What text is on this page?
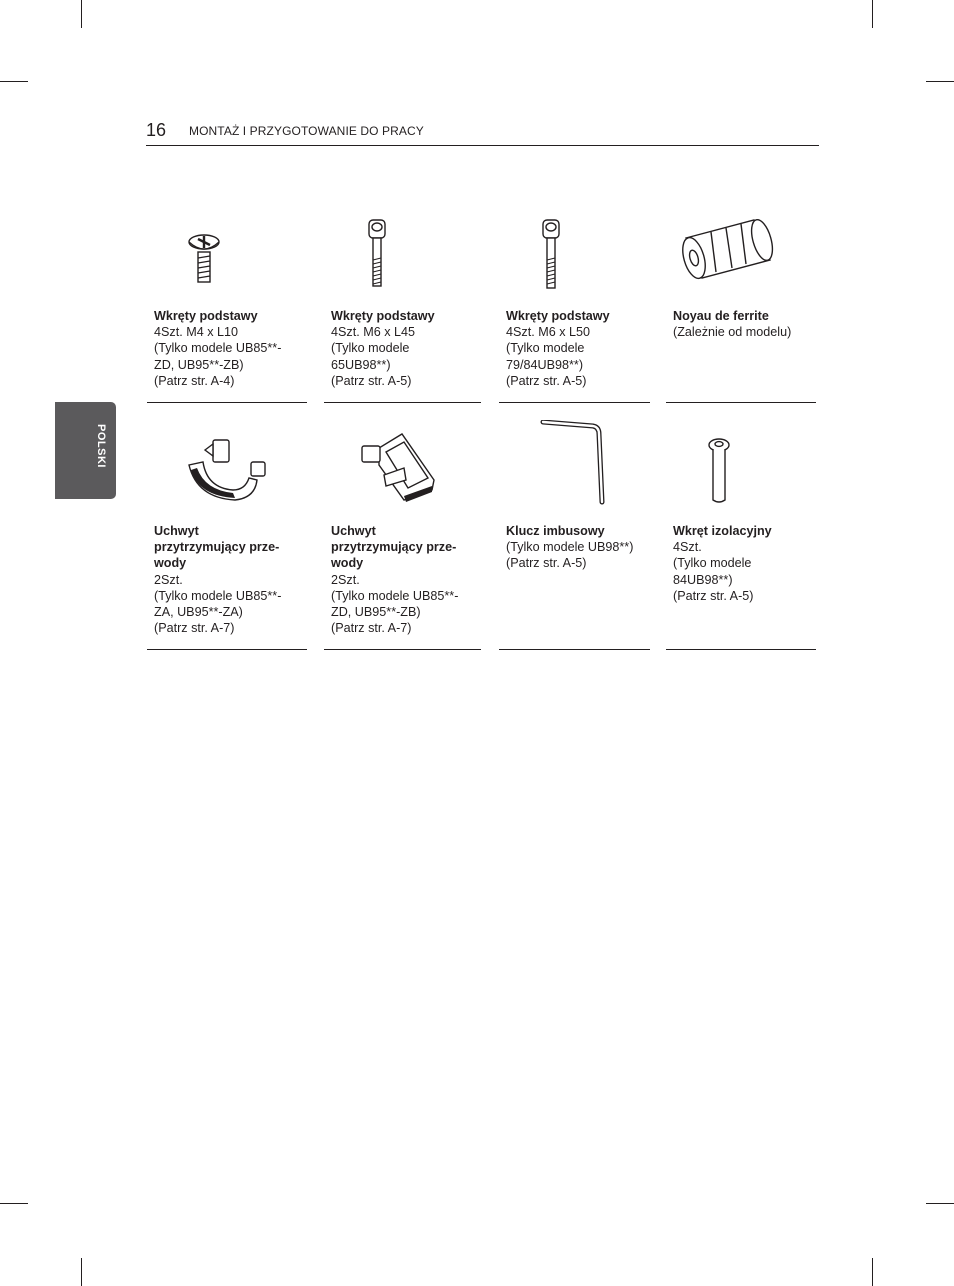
16 MONTAŻ I PRZYGOTOWANIE DO PRACY
POLSKI
Wkręty podstawy
4Szt. M4 x L10
(Tylko modele UB85**-
ZD, UB95**-ZB)
(Patrz str. A-4)
Wkręty podstawy
4Szt. M6 x L45
(Tylko modele
65UB98**)
(Patrz str. A-5)
Wkręty podstawy
4Szt. M6 x L50
(Tylko modele
79/84UB98**)
(Patrz str. A-5)
Noyau de ferrite
(Zależnie od modelu)
Uchwyt
przytrzymujący prze-
wody
2Szt.
(Tylko modele UB85**-
ZA, UB95**-ZA)
(Patrz str. A-7)
Uchwyt
przytrzymujący prze-
wody
2Szt.
(Tylko modele UB85**-
ZD, UB95**-ZB)
(Patrz str. A-7)
Klucz imbusowy
(Tylko modele UB98**)
(Patrz str. A-5)
Wkręt izolacyjny
4Szt.
(Tylko modele
84UB98**)
(Patrz str. A-5)
